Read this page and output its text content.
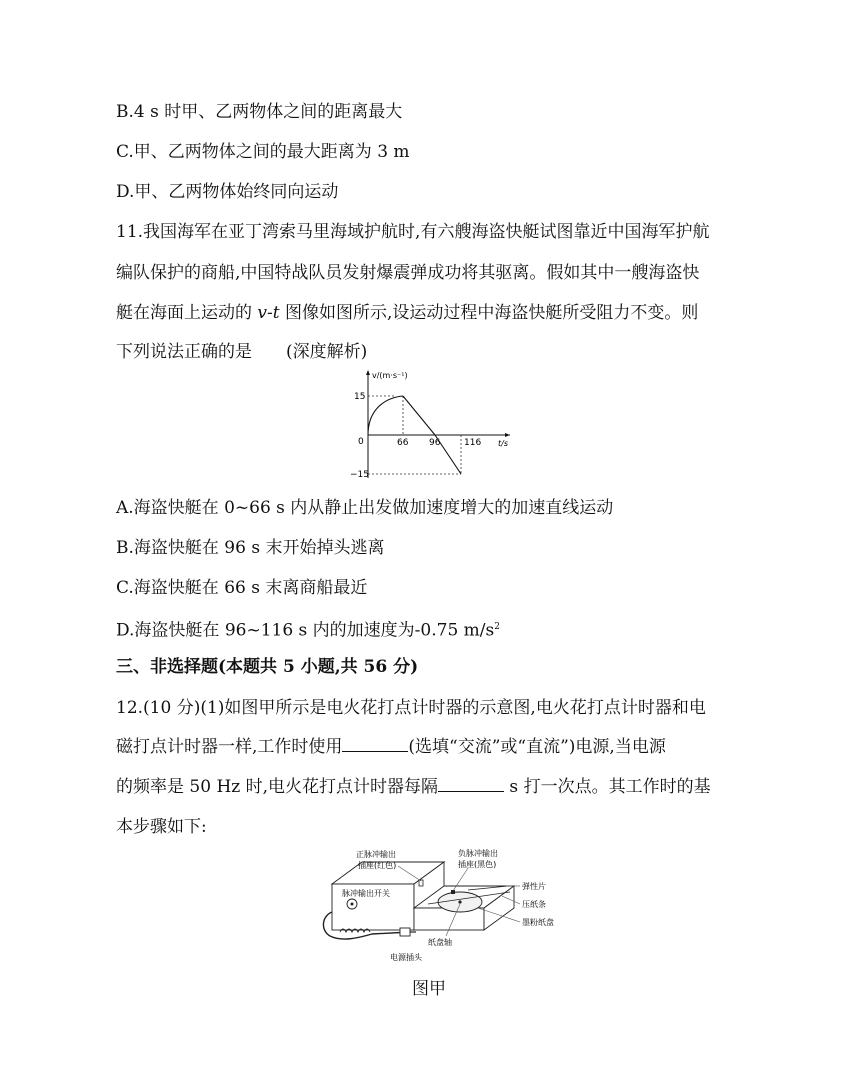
B.4 s 时甲、乙两物体之间的距离最大
C.甲、乙两物体之间的最大距离为 3 m
D.甲、乙两物体始终同向运动
11.我国海军在亚丁湾索马里海域护航时,有六艘海盗快艇试图靠近中国海军护航
编队保护的商船,中国特战队员发射爆震弹成功将其驱离。假如其中一艘海盗快
艇在海面上运动的 v-t 图像如图所示,设运动过程中海盗快艇所受阻力不变。则
下列说法正确的是　　(深度解析)
v/(m·s⁻¹)
t/s
15
−15
0	66 96	116
A.海盗快艇在 0~66 s 内从静止出发做加速度增大的加速直线运动
B.海盗快艇在 96 s 末开始掉头逃离
C.海盗快艇在 66 s 末离商船最近
D.海盗快艇在 96~116 s 内的加速度为-0.75 $m/s^2$
三、非选择题(本题共 5 小题,共 56 分)
12.(10 分)(1)如图甲所示是电火花打点计时器的示意图,电火花打点计时器和电
磁打点计时器一样,工作时使用	(选填“交流”或“直流”)电源,当电源
的频率是 50 Hz 时,电火花打点计时器每隔	s 打一次点。其工作时的基
本步骤如下:
正脉冲输出
插座(红色)
负脉冲输出
插座(黑色)
脉冲输出开关
弹性片
压纸条
墨粉纸盘
纸盘轴
电源插头
图甲
